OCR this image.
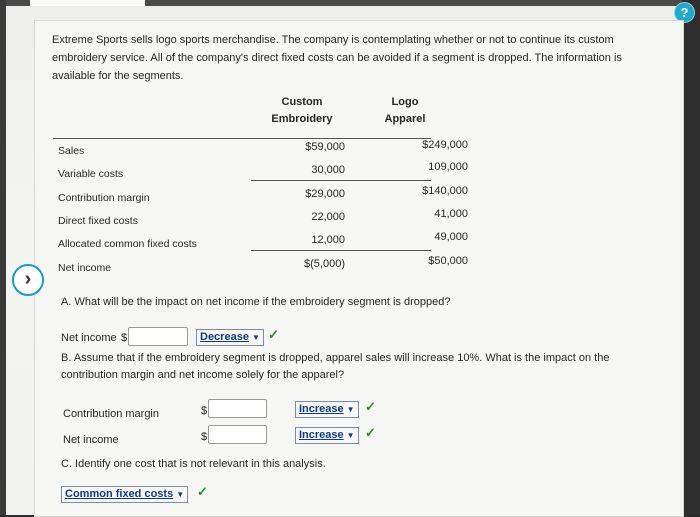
?
Extreme Sports sells logo sports merchandise. The company is contemplating whether or not to continue its custom embroidery service. All of the company's direct fixed costs can be avoided if a segment is dropped. The information is available for the segments.
Custom
Embroidery
Logo
Apparel
Sales	$59,000	$249,000
Variable costs	30,000	109,000
Contribution margin	$29,000	$140,000
Direct fixed costs	22,000	41,000
Allocated common fixed costs	12,000	49,000
Net income	$(5,000)	$50,000
›
A. What will be the impact on net income if the embroidery segment is dropped?
Net income $	Decrease ▼ ✓
B. Assume that if the embroidery segment is dropped, apparel sales will increase 10%. What is the impact on the contribution margin and net income solely for the apparel?
Contribution margin	$	Increase ▼ ✓
Net income	$	Increase ▼ ✓
C. Identify one cost that is not relevant in this analysis.
Common fixed costs ▼ ✓
